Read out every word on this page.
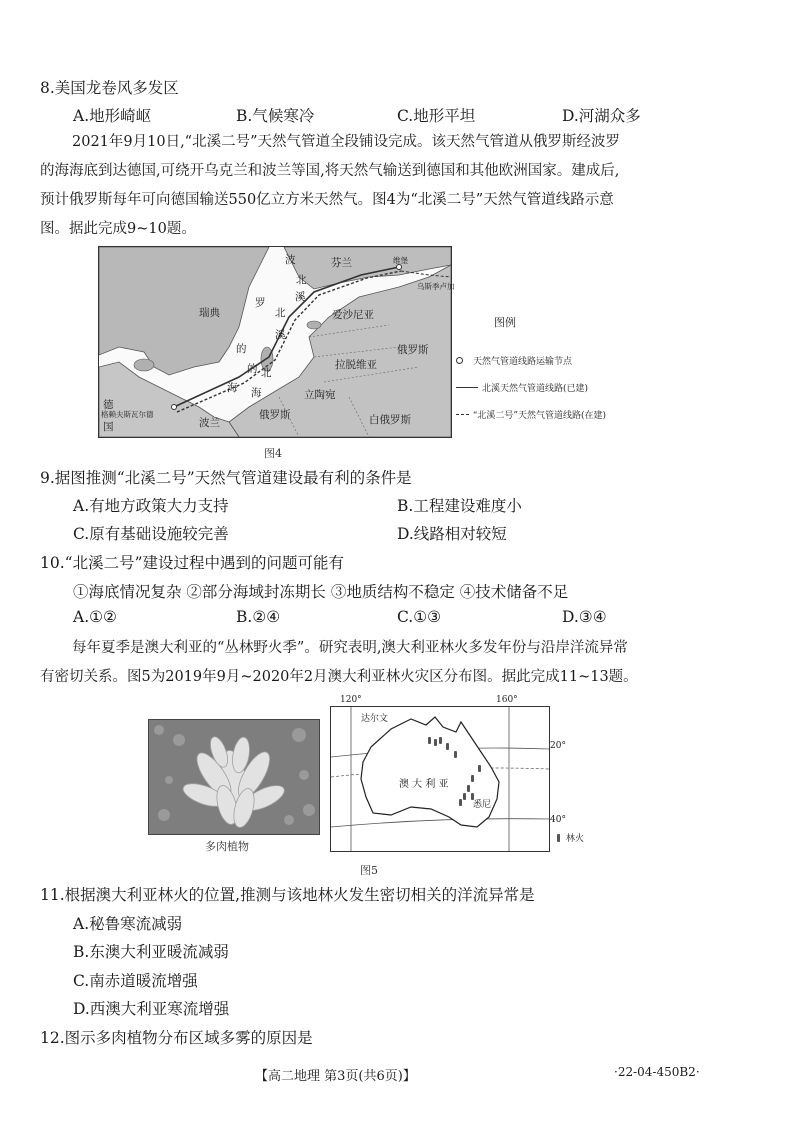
8.美国龙卷风多发区
A.地形崎岖	B.气候寒冷	C.地形平坦	D.河湖众多
2021年9月10日,“北溪二号”天然气管道全段铺设完成。该天然气管道从俄罗斯经波罗
的海海底到达德国,可绕开乌克兰和波兰等国,将天然气输送到德国和其他欧洲国家。建成后,
预计俄罗斯每年可向德国输送550亿立方米天然气。图4为“北溪二号”天然气管道线路示意
图。据此完成9~10题。
芬兰
瑞典	爱沙尼亚
俄罗斯
拉脱维亚
立陶宛
白俄罗斯
波兰
俄罗斯
德
国
波
罗
的
海
北
溪
北
溪
的 北
海
格赖夫斯瓦尔德
维堡
乌斯季卢加
图例
天然气管道线路运输节点
北溪天然气管道线路(已建)
“北溪二号”天然气管道线路(在建)
图4
9.据图推测“北溪二号”天然气管道建设最有利的条件是
A.有地方政策大力支持	B.工程建设难度小
C.原有基础设施较完善	D.线路相对较短
10.“北溪二号”建设过程中遇到的问题可能有
①海底情况复杂 ②部分海域封冻期长 ③地质结构不稳定 ④技术储备不足
A.①②	B.②④	C.①③	D.③④
每年夏季是澳大利亚的“丛林野火季”。研究表明,澳大利亚林火多发年份与沿岸洋流异常
有密切关系。图5为2019年9月~2020年2月澳大利亚林火灾区分布图。据此完成11~13题。
多肉植物
达尔文
澳 大 利 亚
悉尼
120°	160°
20°
40°
林火
图5
11.根据澳大利亚林火的位置,推测与该地林火发生密切相关的洋流异常是
A.秘鲁寒流减弱
B.东澳大利亚暖流减弱
C.南赤道暖流增强
D.西澳大利亚寒流增强
12.图示多肉植物分布区域多雾的原因是
【高二地理 第3页(共6页)】	·22-04-450B2·
